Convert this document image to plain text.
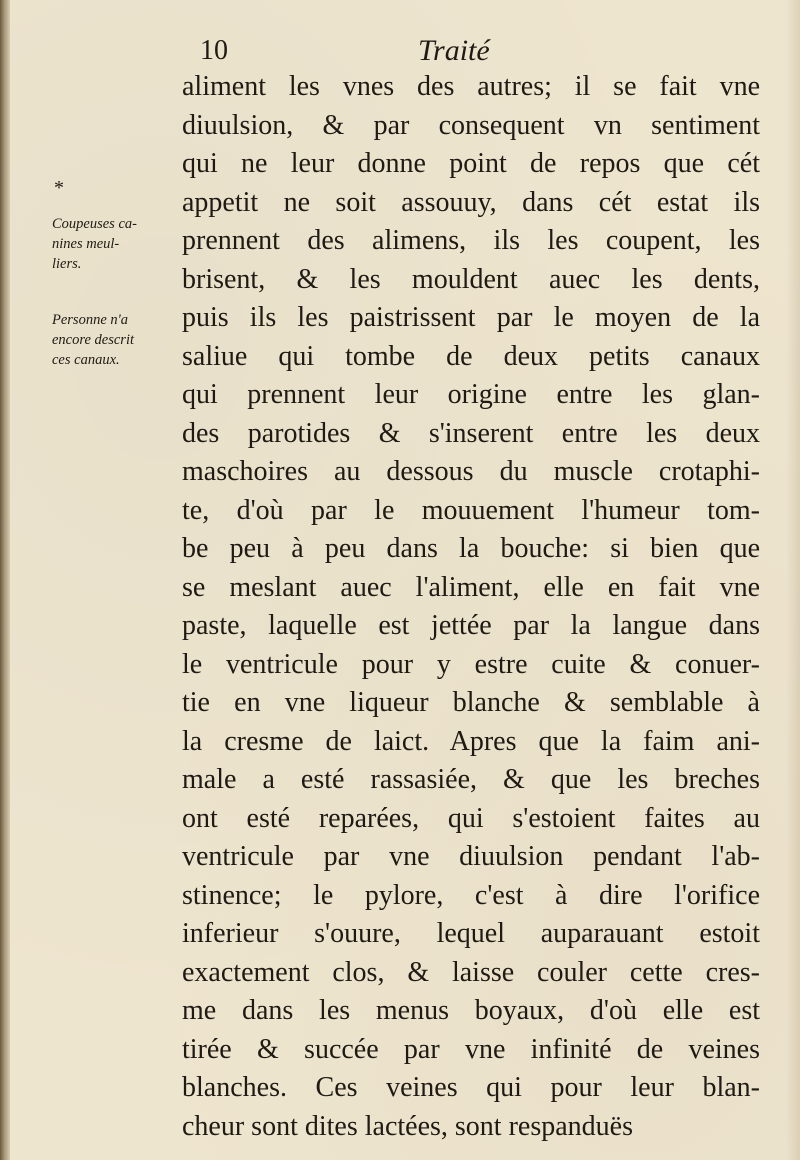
10	Traité
*

Coupeuses ca-
nines meul-
liers.

Personne n'a
encore descrit
ces canaux.

aliment les vnes des autres; il se fait vne
diuulsion, & par consequent vn sentiment
qui ne leur donne point de repos que cét
appetit ne soit assouuy, dans cét estat ils
prennent des alimens, ils les coupent, les
brisent, & les mouldent auec les dents,
puis ils les paistrissent par le moyen de la
saliue qui tombe de deux petits canaux
qui prennent leur origine entre les glan-
des parotides & s'inserent entre les deux
maschoires au dessous du muscle crotaphi-
te, d'où par le mouuement l'humeur tom-
be peu à peu dans la bouche: si bien que
se meslant auec l'aliment, elle en fait vne
paste, laquelle est jettée par la langue dans
le ventricule pour y estre cuite & conuer-
tie en vne liqueur blanche & semblable à
la cresme de laict. Apres que la faim ani-
male a esté rassasiée, & que les breches
ont esté reparées, qui s'estoient faites au
ventricule par vne diuulsion pendant l'ab-
stinence; le pylore, c'est à dire l'orifice
inferieur s'ouure, lequel auparauant estoit
exactement clos, & laisse couler cette cres-
me dans les menus boyaux, d'où elle est
tirée & succée par vne infinité de veines
blanches. Ces veines qui pour leur blan-
cheur sont dites lactées, sont respanduës
